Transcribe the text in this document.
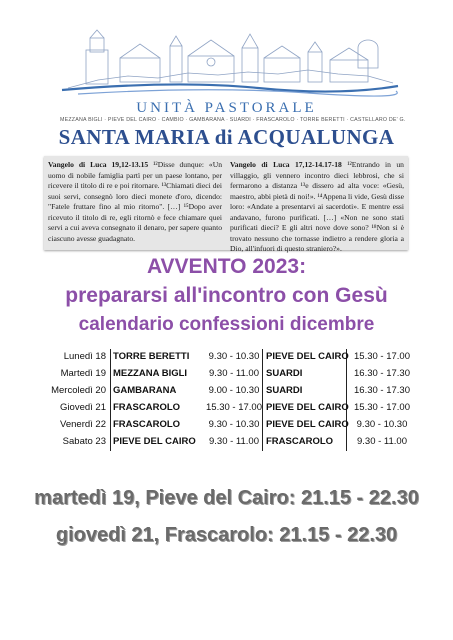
UNITÀ PASTORALE
MEZZANA BIGLI · PIEVE DEL CAIRO · CAMBIO · GAMBARANA · SUARDI · FRASCAROLO · TORRE BERETTI · CASTELLARO DE' G.
SANTA MARIA di ACQUALUNGA
Vangelo di Luca 19,12-13.15 ¹²Disse dunque: «Un uomo di nobile famiglia partì per un paese lontano, per ricevere il titolo di re e poi ritornare. ¹³Chiamati dieci dei suoi servi, consegnò loro dieci monete d'oro, dicendo: "Fatele fruttare fino al mio ritorno". […] ¹⁵Dopo aver ricevuto il titolo di re, egli ritornò e fece chiamare quei servi a cui aveva consegnato il denaro, per sapere quanto ciascuno avesse guadagnato.
Vangelo di Luca 17,12-14.17-18 ¹²Entrando in un villaggio, gli vennero incontro dieci lebbrosi, che si fermarono a distanza ¹³e dissero ad alta voce: «Gesù, maestro, abbi pietà di noi!». ¹⁴Appena li vide, Gesù disse loro: «Andate a presentarvi ai sacerdoti». E mentre essi andavano, furono purificati. […] «Non ne sono stati purificati dieci? E gli altri nove dove sono? ¹⁸Non si è trovato nessuno che tornasse indietro a rendere gloria a Dio, all'infuori di questo straniero?».
AVVENTO 2023:
prepararsi all'incontro con Gesù
calendario confessioni dicembre
Lunedì 18 TORRE BERETTI	9.30 - 10.30 PIEVE DEL CAIRO 15.30 - 17.00
Martedì 19 MEZZANA BIGLI	9.30 - 11.00 SUARDI	16.30 - 17.30
Mercoledì 20 GAMBARANA	9.00 - 10.30 SUARDI	16.30 - 17.30
Giovedì 21 FRASCAROLO	15.30 - 17.00 PIEVE DEL CAIRO 15.30 - 17.00
Venerdì 22 FRASCAROLO	9.30 - 10.30 PIEVE DEL CAIRO 9.30 - 10.30
Sabato 23 PIEVE DEL CAIRO	9.30 - 11.00 FRASCAROLO	9.30 - 11.00
martedì 19, Pieve del Cairo: 21.15 - 22.30
giovedì 21, Frascarolo: 21.15 - 22.30
